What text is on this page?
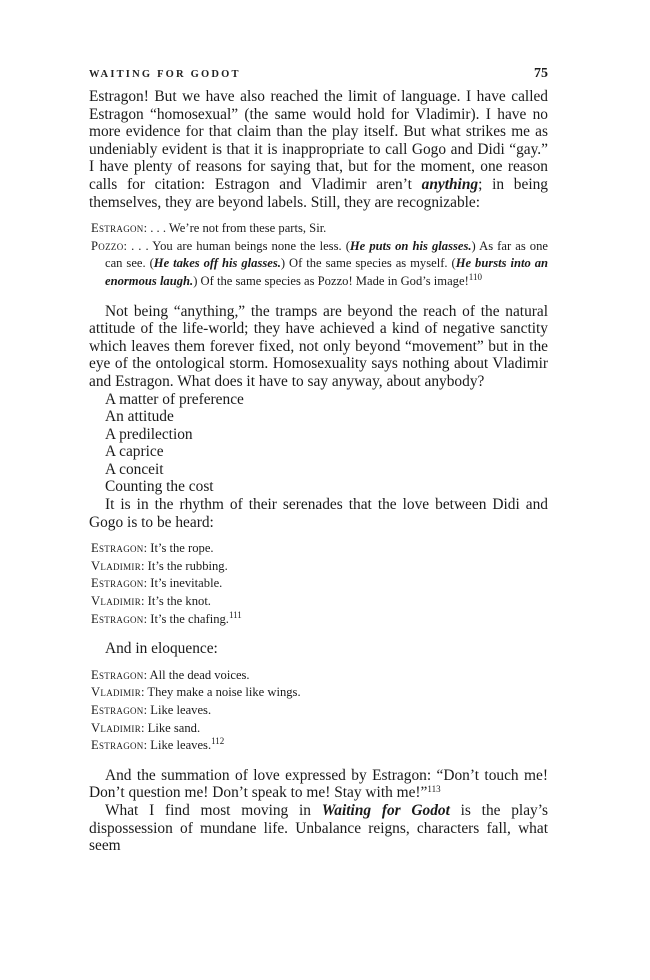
WAITING FOR GODOT	75

Estragon! But we have also reached the limit of language. I have called Estragon “homosexual” (the same would hold for Vladimir). I have no more evidence for that claim than the play itself. But what strikes me as undeniably evident is that it is inappropriate to call Gogo and Didi “gay.” I have plenty of reasons for saying that, but for the moment, one reason calls for citation: Estragon and Vladimir aren’t anything; in being themselves, they are beyond labels. Still, they are recognizable:

Estragon: . . . We’re not from these parts, Sir.

Pozzo: . . . You are human beings none the less. (He puts on his glasses.) As far as one can see. (He takes off his glasses.) Of the same species as myself. (He bursts into an enormous laugh.) Of the same species as Pozzo! Made in God’s image!$^{110}$

Not being “anything,” the tramps are beyond the reach of the natural attitude of the life-world; they have achieved a kind of negative sanctity which leaves them forever fixed, not only beyond “movement” but in the eye of the ontological storm. Homosexuality says nothing about Vladimir and Estragon. What does it have to say anyway, about anybody?

A matter of preference
An attitude
A predilection
A caprice
A conceit
Counting the cost

It is in the rhythm of their serenades that the love between Didi and Gogo is to be heard:

Estragon: It’s the rope.

Vladimir: It’s the rubbing.

Estragon: It’s inevitable.

Vladimir: It’s the knot.

Estragon: It’s the chafing.$^{111}$

And in eloquence:

Estragon: All the dead voices.

Vladimir: They make a noise like wings.

Estragon: Like leaves.

Vladimir: Like sand.

Estragon: Like leaves.$^{112}$

And the summation of love expressed by Estragon: “Don’t touch me! Don’t question me! Don’t speak to me! Stay with me!”$^{113}$

What I find most moving in Waiting for Godot is the play’s dispossession of mundane life. Unbalance reigns, characters fall, what seem
